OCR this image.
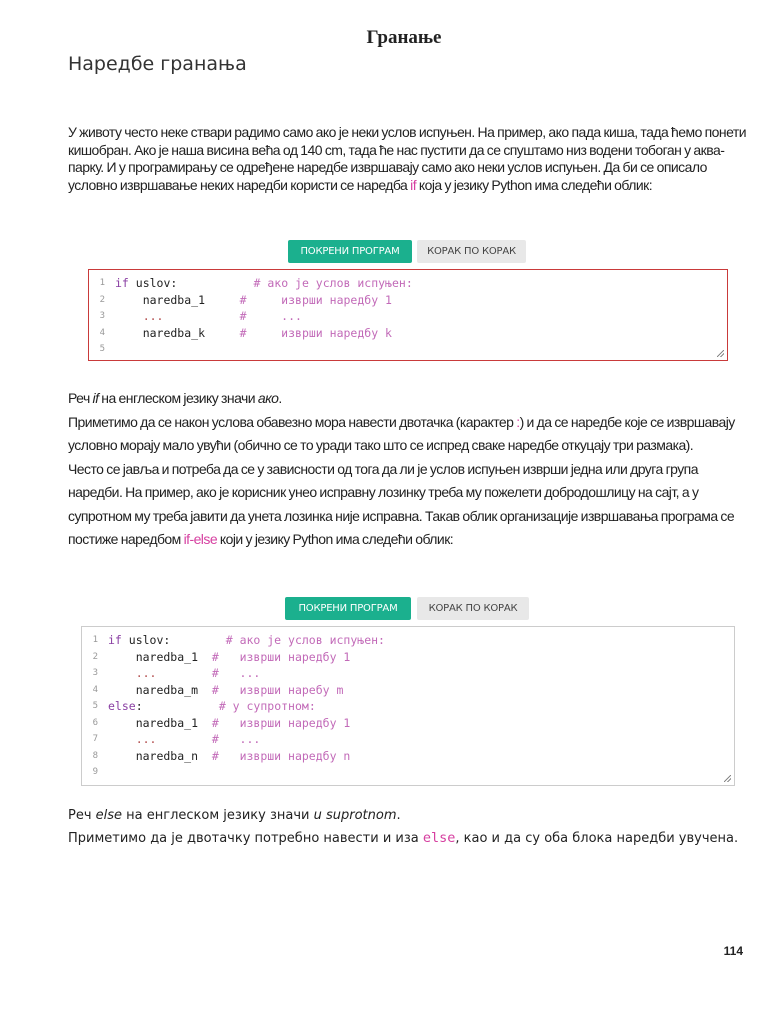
Гранање
Наредбе гранања
У животу често неке ствари радимо само ако је неки услов испуњен. На пример, ако пада киша, тада ћемо понети кишобран. Ако је наша висина већа од 140 cm, тада ће нас пустити да се спуштамо низ водени тобоган у аква-парку. И у програмирању се одређене наредбе извршавају само ако неки услов испуњен. Да би се описало условно извршавање неких наредби користи се наредба if која у језику Python има следећи облик:
ПОКРЕНИ ПРОГРАМ	КОРАК ПО КОРАК
1 if uslov:	# ако је услов испуњен:
2 naredba_1	#     изврши наредбу 1
3 ...	#     ...
4 naredba_k	#     изврши наредбу k
5
Реч if на енглеском језику значи ако.
Приметимо да се након услова обавезно мора навести двотачка (карактер :) и да се наредбе које се извршавају условно морају мало увући (обично се то уради тако што се испред сваке наредбе откуцају три размака).
Често се јавља и потреба да се у зависности од тога да ли је услов испуњен изврши једна или друга група наредби. На пример, ако је корисник унео исправну лозинку треба му пожелети добродошлицу на сајт, а у супротном му треба јавити да унета лозинка није исправна. Такав облик организације извршавања програма се постиже наредбом if-else који у језику Python има следећи облик:
ПОКРЕНИ ПРОГРАМ	КОРАК ПО КОРАК
1 if uslov:	# ако је услов испуњен:
2 naredba_1 #   изврши наредбу 1
3 ...	#   ...
4 naredba_m #   изврши наребу m
5 else:	# у супротном:
6 naredba_1 #   изврши наредбу 1
7 ...	#   ...
8 naredba_n #   изврши наредбу n
9
Реч else на енглеском језику значи u suprotnom.
Приметимо да је двотачку потребно навести и иза else, као и да су оба блока наредби увучена.
114
